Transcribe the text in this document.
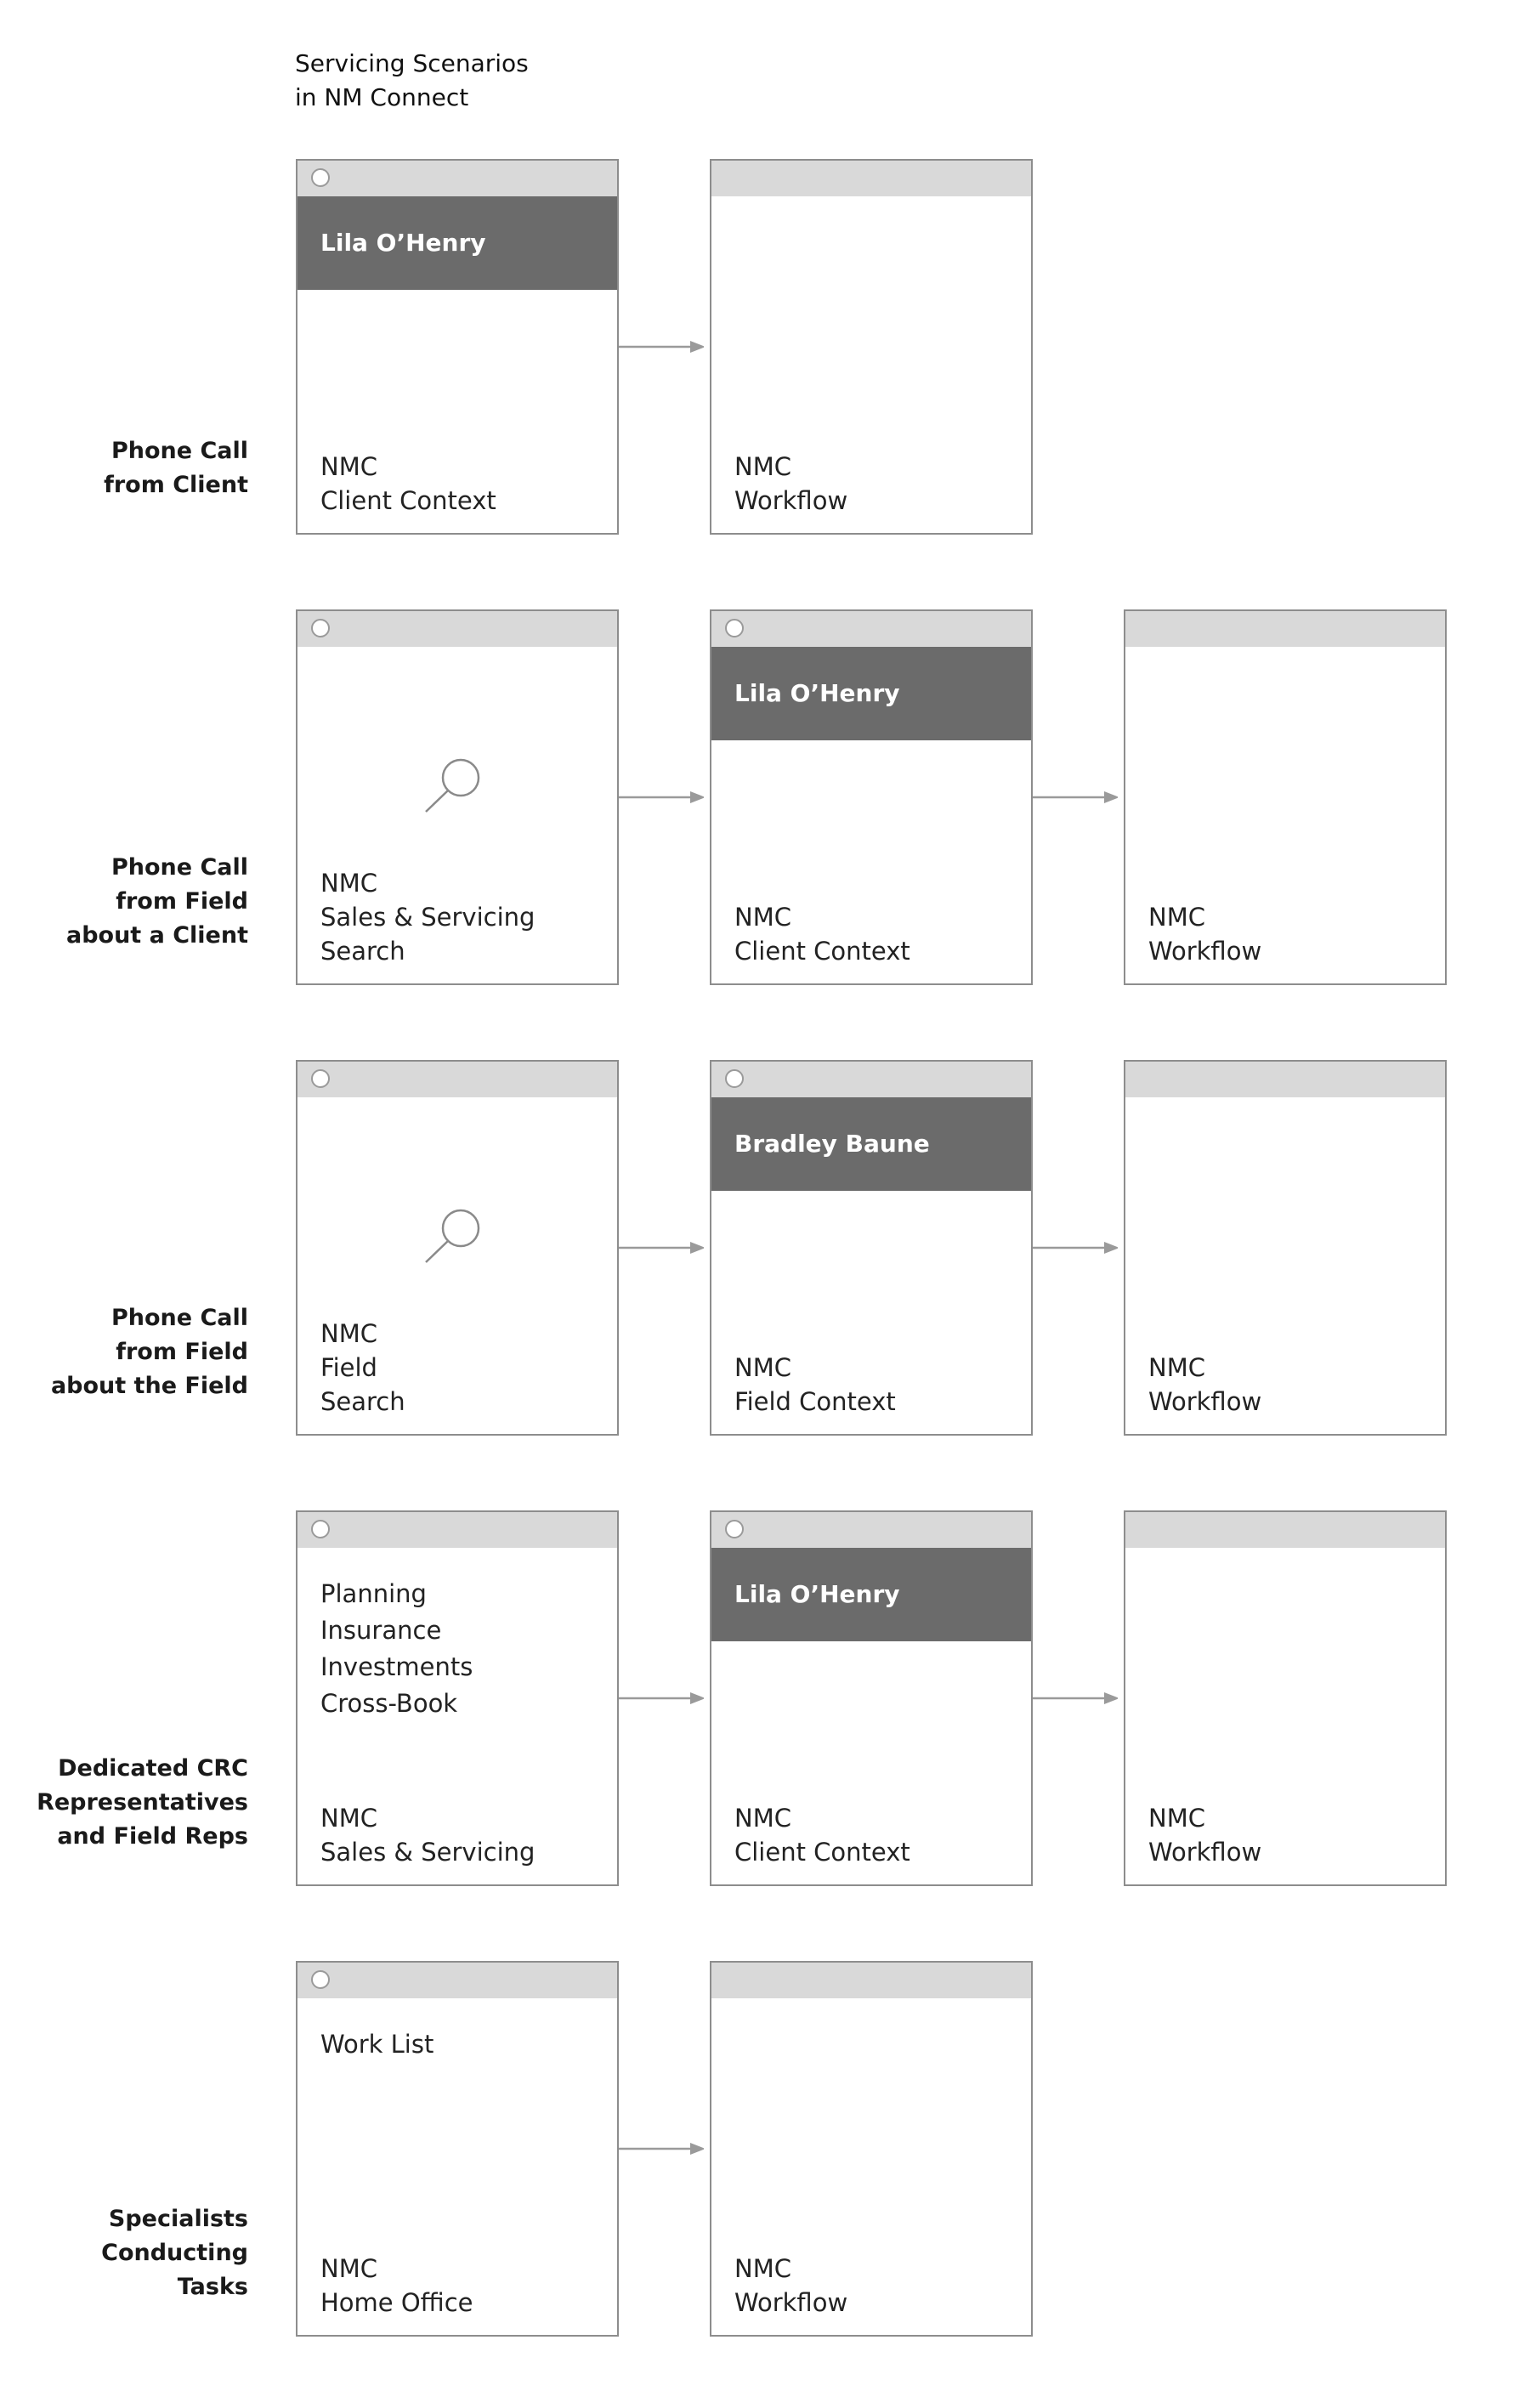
Servicing Scenarios
in NM Connect
Phone Call
from Client
Lila O’Henry
NMC
Client Context
NMC
Workflow
Phone Call
from Field
about a Client
NMC
Sales & Servicing
Search
Lila O’Henry
NMC
Client Context
NMC
Workflow
Phone Call
from Field
about the Field
NMC
Field
Search
Bradley Baune
NMC
Field Context
NMC
Workflow
Dedicated CRC
Representatives
and Field Reps
Planning
Insurance
Investments
Cross-Book
NMC
Sales & Servicing
Lila O’Henry
NMC
Client Context
NMC
Workflow
Specialists
Conducting
Tasks
Work List
NMC
Home Office
NMC
Workflow
